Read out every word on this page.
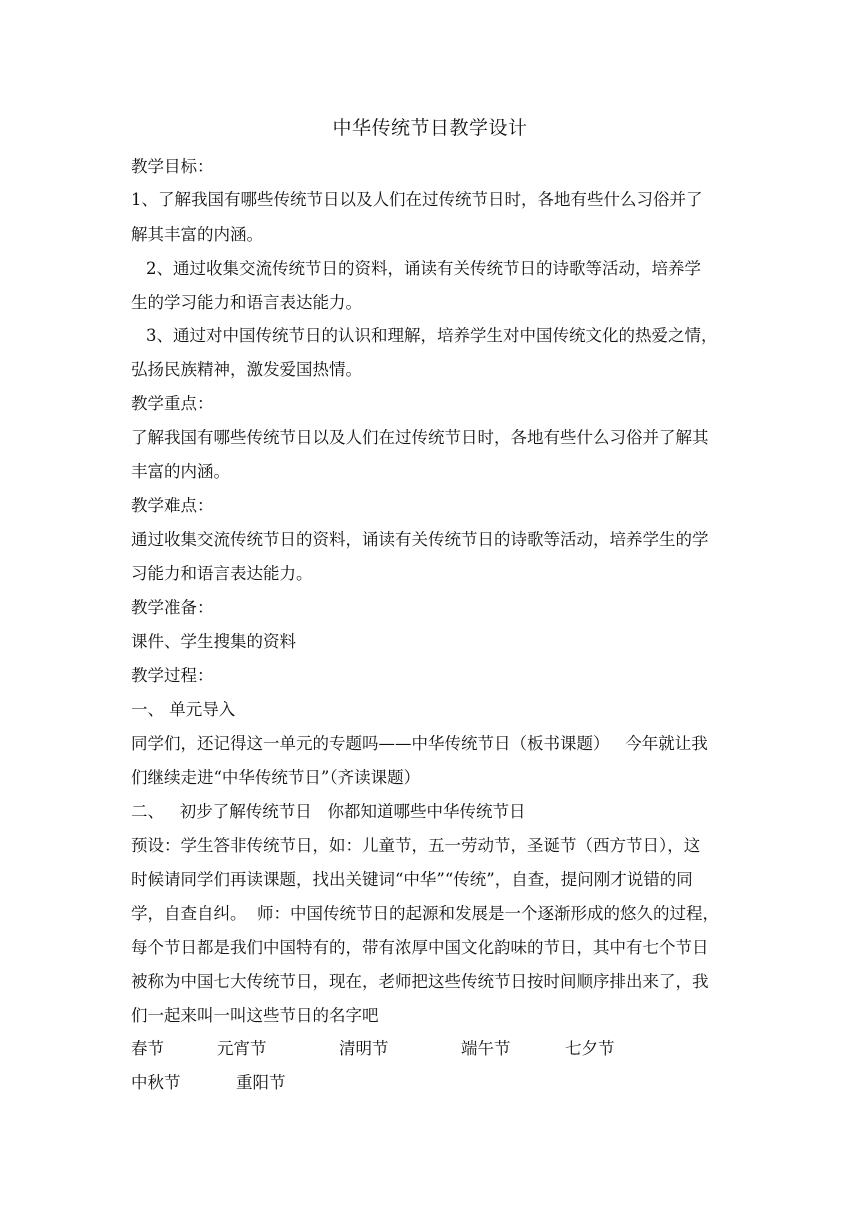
中华传统节日教学设计
教学目标：
1、了解我国有哪些传统节日以及人们在过传统节日时，各地有些什么习俗并了
解其丰富的内涵。
2、通过收集交流传统节日的资料，诵读有关传统节日的诗歌等活动，培养学
生的学习能力和语言表达能力。
3、通过对中国传统节日的认识和理解，培养学生对中国传统文化的热爱之情，
弘扬民族精神，激发爱国热情。
教学重点：
了解我国有哪些传统节日以及人们在过传统节日时，各地有些什么习俗并了解其
丰富的内涵。
教学难点：
通过收集交流传统节日的资料，诵读有关传统节日的诗歌等活动，培养学生的学
习能力和语言表达能力。
教学准备：
课件、学生搜集的资料
教学过程：
一、 单元导入
同学们，还记得这一单元的专题吗——中华传统节日（板书课题）   今年就让我
们继续走进“中华传统节日”（齐读课题）
二、   初步了解传统节日   你都知道哪些中华传统节日
预设：学生答非传统节日，如：儿童节，五一劳动节，圣诞节（西方节日），这
时候请同学们再读课题，找出关键词“中华”“传统”，自查，提问刚才说错的同
学，自查自纠。  师：中国传统节日的起源和发展是一个逐渐形成的悠久的过程，
每个节日都是我们中国特有的，带有浓厚中国文化韵味的节日，其中有七个节日
被称为中国七大传统节日，现在，老师把这些传统节日按时间顺序排出来了，我
们一起来叫一叫这些节日的名字吧
春节	元宵节	清明节	端午节	七夕节
中秋节	重阳节
